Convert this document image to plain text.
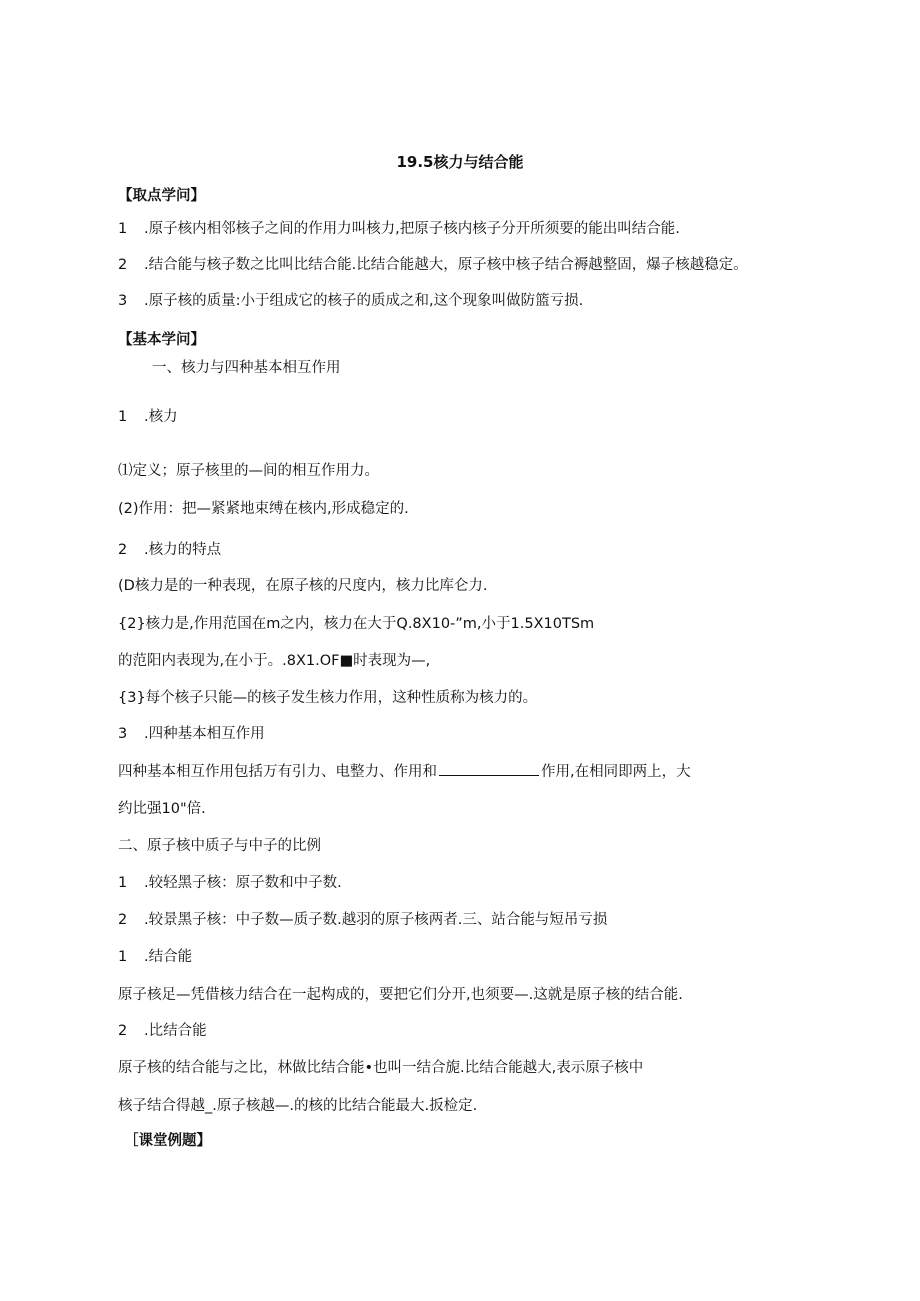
19.5核力与结合能
【取点学问】
1 .原子核内相邻核子之间的作用力叫核力,把原子核内核子分开所须要的能出叫结合能.
2 .结合能与核子数之比叫比结合能.比结合能越大，原子核中核子结合褥越整固，爆子核越稳定。
3 .原子核的质量:小于组成它的核子的质成之和,这个现象叫做防篮亏损.
【基本学问】
一、核力与四种基本相互作用
1 .核力
⑴定义；原子核里的—间的相互作用力。
(2)作用：把—紧紧地束缚在核内,形成稳定的.
2 .核力的特点
(D核力是的一种表现，在原子核的尺度内，核力比库仑力.
{2}核力是,作用范国在m之内，核力在大于Q.8X10-”m,小于1.5X10TSm
的范阳内表现为,在小于。.8X1.OF■时表现为—,
{3}每个核子只能—的核子发生核力作用，这种性质称为核力的。
3 .四种基本相互作用
四种基本相互作用包括万有引力、电整力、作用和	作用,在相同即两上，大
约比强10"倍.
二、原子核中质子与中子的比例
1 .较轻黑子核：原子数和中子数.
2 .较景黑子核：中子数—质子数.越羽的原子核两者.三、站合能与短吊亏损
1 .结合能
原子核足—凭借核力结合在一起构成的，要把它们分开,也须要—.这就是原子核的结合能.
2 .比结合能
原子核的结合能与之比，林做比结合能•也叫一结合旎.比结合能越大,表示原子核中
核子结合得越_.原子核越—.的核的比结合能最大.扳检定.
［课堂例题】
